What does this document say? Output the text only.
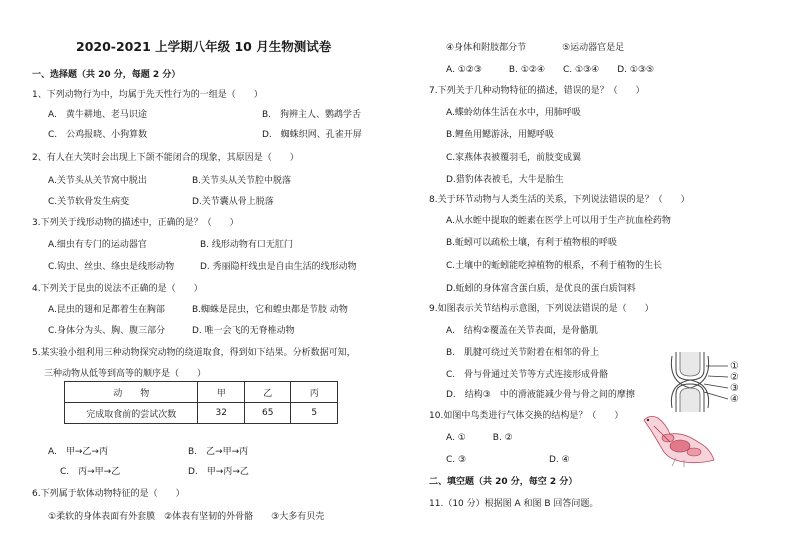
2020-2021 上学期八年级 10 月生物测试卷
一、选择题（共 20 分，每题 2 分）
1、下列动物行为中，均属于先天性行为的一组是（　　）
A.　黄牛耕地、老马识途	B.　狗辨主人、鹦鹉学舌
C.　公鸡报晓、小狗算数	D.　蜘蛛织网、孔雀开屏
2、有人在大笑时会出现上下颌不能闭合的现象，其原因是（　　）
A.关节头从关节窝中脱出	B.关节头从关节腔中脱落
C.关节软骨发生病变	D.关节囊从骨上脱落
3.下列关于线形动物的描述中，正确的是？（　　）
A.细虫有专门的运动器官	B. 线形动物有口无肛门
C.钩虫、丝虫、绦虫是线形动物	D. 秀丽隐杆线虫是自由生活的线形动物
4.下列关于昆虫的说法不正确的是（　　）
A.昆虫的翅和足都着生在胸部	B.蜘蛛是昆虫，它和蝗虫都是节肢 动物
C.身体分为头、胸、腹三部分	D. 唯一会飞的无脊椎动物
5.某实验小组利用三种动物探究动物的绕道取食，得到如下结果。分析数据可知，
三种动物从低等到高等的顺序是（　　）
动　　物	甲	乙	丙
完成取食前的尝试次数	32	65	5
A.　甲→乙→丙	B.　乙→甲→丙
C.　丙→甲→乙	D.　甲→丙→乙
6.下列属于软体动物特征的是（　　）
①柔软的身体表面有外套膜　②体表有坚韧的外骨骼　　③大多有贝壳
④身体和附肢都分节　　　　⑤运动器官是足
A. ①②③　　　B. ①②④　　C. ①③④　　D. ①③⑤
7.下列关于几种动物特征的描述，错误的是？（　　）
A.蝶蛉幼体生活在水中，用肺呼吸
B.鲤鱼用鳃游泳，用鳃呼吸
C.家燕体表被覆羽毛，前肢变成翼
D.猎豹体表被毛，大牛是胎生
8.关于环节动物与人类生活的关系，下列说法错误的是？（　　）
A.从水蛭中提取的蛭素在医学上可以用于生产抗血栓药物
B.蚯蚓可以疏松土壤，有利于植物根的呼吸
C.土壤中的蚯蚓能吃掉植物的根系，不利于植物的生长
D.蚯蚓的身体富含蛋白质，是优良的蛋白质饲料
9.如图表示关节结构示意图，下列说法错误的是（　　）
A.　结构②覆盖在关节表面，是骨骼肌
B.　肌腱可绕过关节附着在相邻的骨上
C.　骨与骨通过关节等方式连接形成骨骼
D.　结构③　中的滑液能减少骨与骨之间的摩擦
①
②
③
④
10.如图中鸟类进行气体交换的结构是？（　　）
A. ①　　　B. ②
C. ③	D. ④
二、填空题（共 20 分，每空 2 分）
11.（10 分）根据图 A 和图 B 回答问题。
